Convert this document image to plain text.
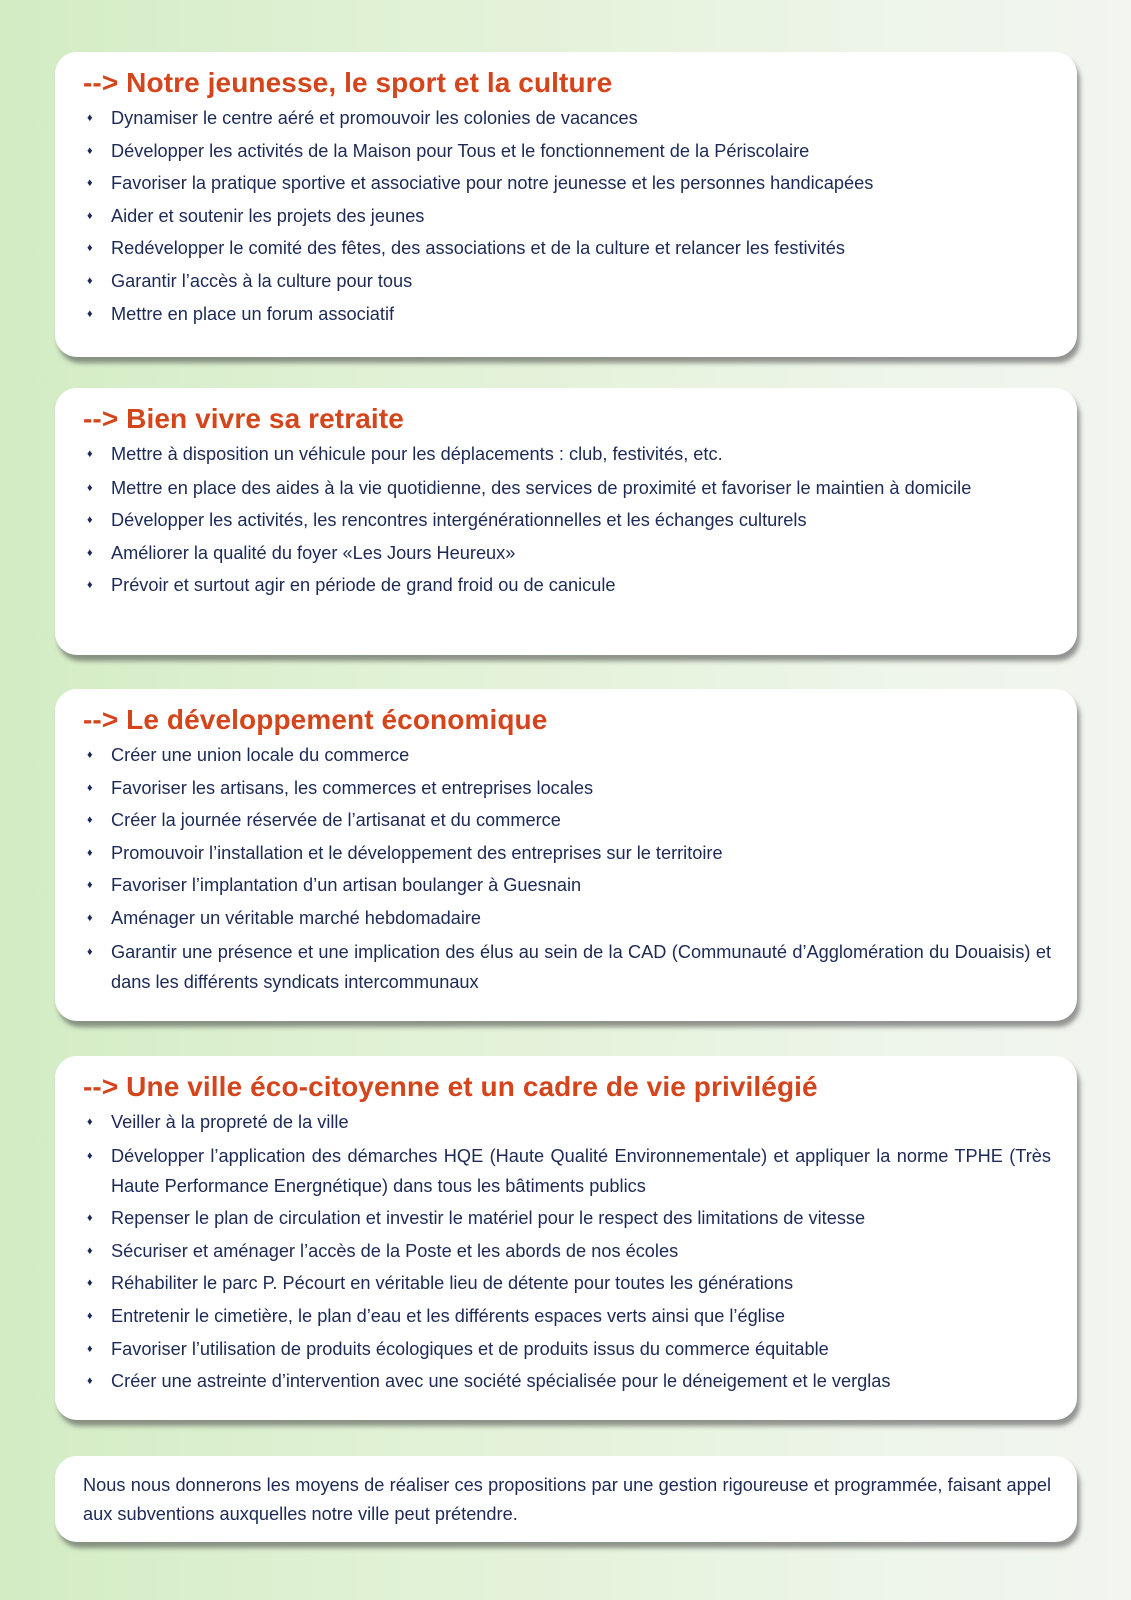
--> Notre jeunesse, le sport et la culture
♦ Dynamiser le centre aéré et promouvoir les colonies de vacances
♦ Développer les activités de la Maison pour Tous et le fonctionnement de la Périscolaire
♦ Favoriser la pratique sportive et associative pour notre jeunesse et les personnes handicapées
♦ Aider et soutenir les projets des jeunes
♦ Redévelopper le comité des fêtes, des associations et de la culture et relancer les festivités
♦ Garantir l’accès à la culture pour tous
♦ Mettre en place un forum associatif
--> Bien vivre sa retraite
♦ Mettre à disposition un véhicule pour les déplacements : club, festivités, etc.
♦ Mettre en place des aides à la vie quotidienne, des services de proximité et favoriser le maintien à domicile
♦ Développer les activités, les rencontres intergénérationnelles et les échanges culturels
♦ Améliorer la qualité du foyer «Les Jours Heureux»
♦ Prévoir et surtout agir en période de grand froid ou de canicule
--> Le développement économique
♦ Créer une union locale du commerce
♦ Favoriser les artisans, les commerces et entreprises locales
♦ Créer la journée réservée de l’artisanat et du commerce
♦ Promouvoir l’installation et le développement des entreprises sur le territoire
♦ Favoriser l’implantation d’un artisan boulanger à Guesnain
♦ Aménager un véritable marché hebdomadaire
♦ Garantir une présence et une implication des élus au sein de la CAD (Communauté d’Agglomération du Douaisis) et dans les différents syndicats intercommunaux
--> Une ville éco-citoyenne et un cadre de vie privilégié
♦ Veiller à la propreté de la ville
♦ Développer l’application des démarches HQE (Haute Qualité Environnementale) et appliquer la norme TPHE (Très Haute Performance Energnétique) dans tous les bâtiments publics
♦ Repenser le plan de circulation et investir le matériel pour le respect des limitations de vitesse
♦ Sécuriser et aménager l’accès de la Poste et les abords de nos écoles
♦ Réhabiliter le parc P. Pécourt en véritable lieu de détente pour toutes les générations
♦ Entretenir le cimetière, le plan d’eau et les différents espaces verts ainsi que l’église
♦ Favoriser l’utilisation de produits écologiques et de produits issus du commerce équitable
♦ Créer une astreinte d’intervention avec une société spécialisée pour le déneigement et le verglas

Nous nous donnerons les moyens de réaliser ces propositions par une gestion rigoureuse et programmée, faisant appel aux subventions auxquelles notre ville peut prétendre.
